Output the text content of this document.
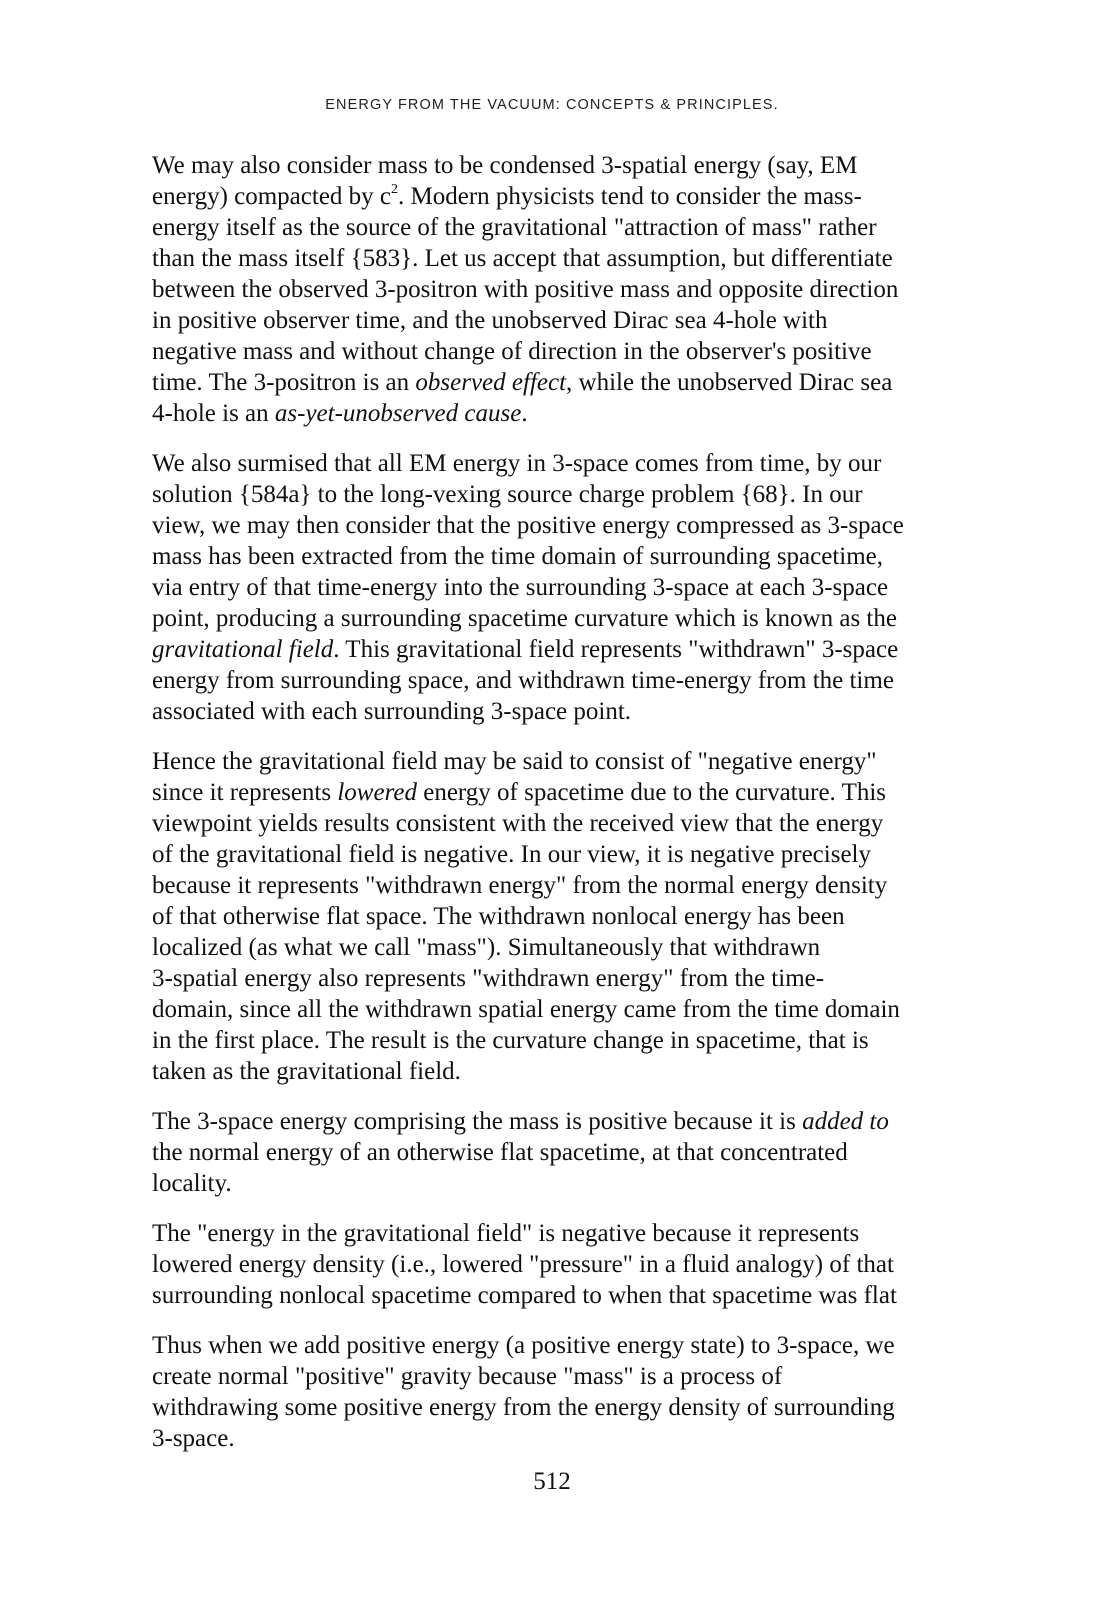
ENERGY FROM THE VACUUM: CONCEPTS & PRINCIPLES.

We may also consider mass to be condensed 3-spatial energy (say, EM
energy) compacted by $c^2$. Modern physicists tend to consider the mass-
energy itself as the source of the gravitational "attraction of mass" rather
than the mass itself {583}. Let us accept that assumption, but differentiate
between the observed 3-positron with positive mass and opposite direction
in positive observer time, and the unobserved Dirac sea 4-hole with
negative mass and without change of direction in the observer's positive
time. The 3-positron is an observed effect, while the unobserved Dirac sea
4-hole is an as-yet-unobserved cause.

We also surmised that all EM energy in 3-space comes from time, by our
solution {584a} to the long-vexing source charge problem {68}. In our
view, we may then consider that the positive energy compressed as 3-space
mass has been extracted from the time domain of surrounding spacetime,
via entry of that time-energy into the surrounding 3-space at each 3-space
point, producing a surrounding spacetime curvature which is known as the
gravitational field. This gravitational field represents "withdrawn" 3-space
energy from surrounding space, and withdrawn time-energy from the time
associated with each surrounding 3-space point.

Hence the gravitational field may be said to consist of "negative energy"
since it represents lowered energy of spacetime due to the curvature. This
viewpoint yields results consistent with the received view that the energy
of the gravitational field is negative. In our view, it is negative precisely
because it represents "withdrawn energy" from the normal energy density
of that otherwise flat space. The withdrawn nonlocal energy has been
localized (as what we call "mass"). Simultaneously that withdrawn
3-spatial energy also represents "withdrawn energy" from the time-
domain, since all the withdrawn spatial energy came from the time domain
in the first place. The result is the curvature change in spacetime, that is
taken as the gravitational field.

The 3-space energy comprising the mass is positive because it is added to
the normal energy of an otherwise flat spacetime, at that concentrated
locality.

The "energy in the gravitational field" is negative because it represents
lowered energy density (i.e., lowered "pressure" in a fluid analogy) of that
surrounding nonlocal spacetime compared to when that spacetime was flat

Thus when we add positive energy (a positive energy state) to 3-space, we
create normal "positive" gravity because "mass" is a process of
withdrawing some positive energy from the energy density of surrounding
3-space.

512
